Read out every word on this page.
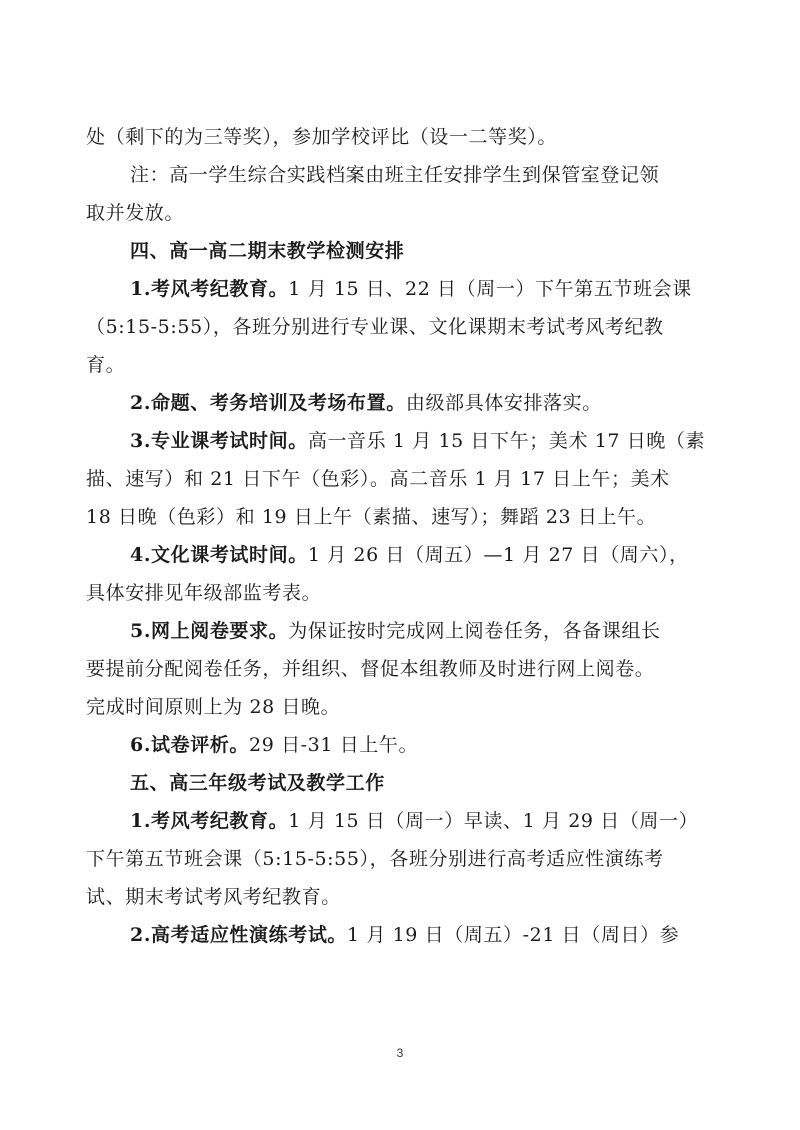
处（剩下的为三等奖），参加学校评比（设一二等奖）。
注：高一学生综合实践档案由班主任安排学生到保管室登记领
取并发放。
四、高一高二期末教学检测安排
1.考风考纪教育。1 月 15 日、22 日（周一）下午第五节班会课
（5:15-5:55），各班分别进行专业课、文化课期末考试考风考纪教
育。
2.命题、考务培训及考场布置。由级部具体安排落实。
3.专业课考试时间。高一音乐 1 月 15 日下午；美术 17 日晚（素
描、速写）和 21 日下午（色彩）。高二音乐 1 月 17 日上午；美术
18 日晚（色彩）和 19 日上午（素描、速写）；舞蹈 23 日上午。
4.文化课考试时间。1 月 26 日（周五）—1 月 27 日（周六），
具体安排见年级部监考表。
5.网上阅卷要求。为保证按时完成网上阅卷任务，各备课组长
要提前分配阅卷任务，并组织、督促本组教师及时进行网上阅卷。
完成时间原则上为 28 日晚。
6.试卷评析。29 日-31 日上午。
五、高三年级考试及教学工作
1.考风考纪教育。1 月 15 日（周一）早读、1 月 29 日（周一）
下午第五节班会课（5:15-5:55），各班分别进行高考适应性演练考
试、期末考试考风考纪教育。
2.高考适应性演练考试。1 月 19 日（周五）-21 日（周日）参
3
